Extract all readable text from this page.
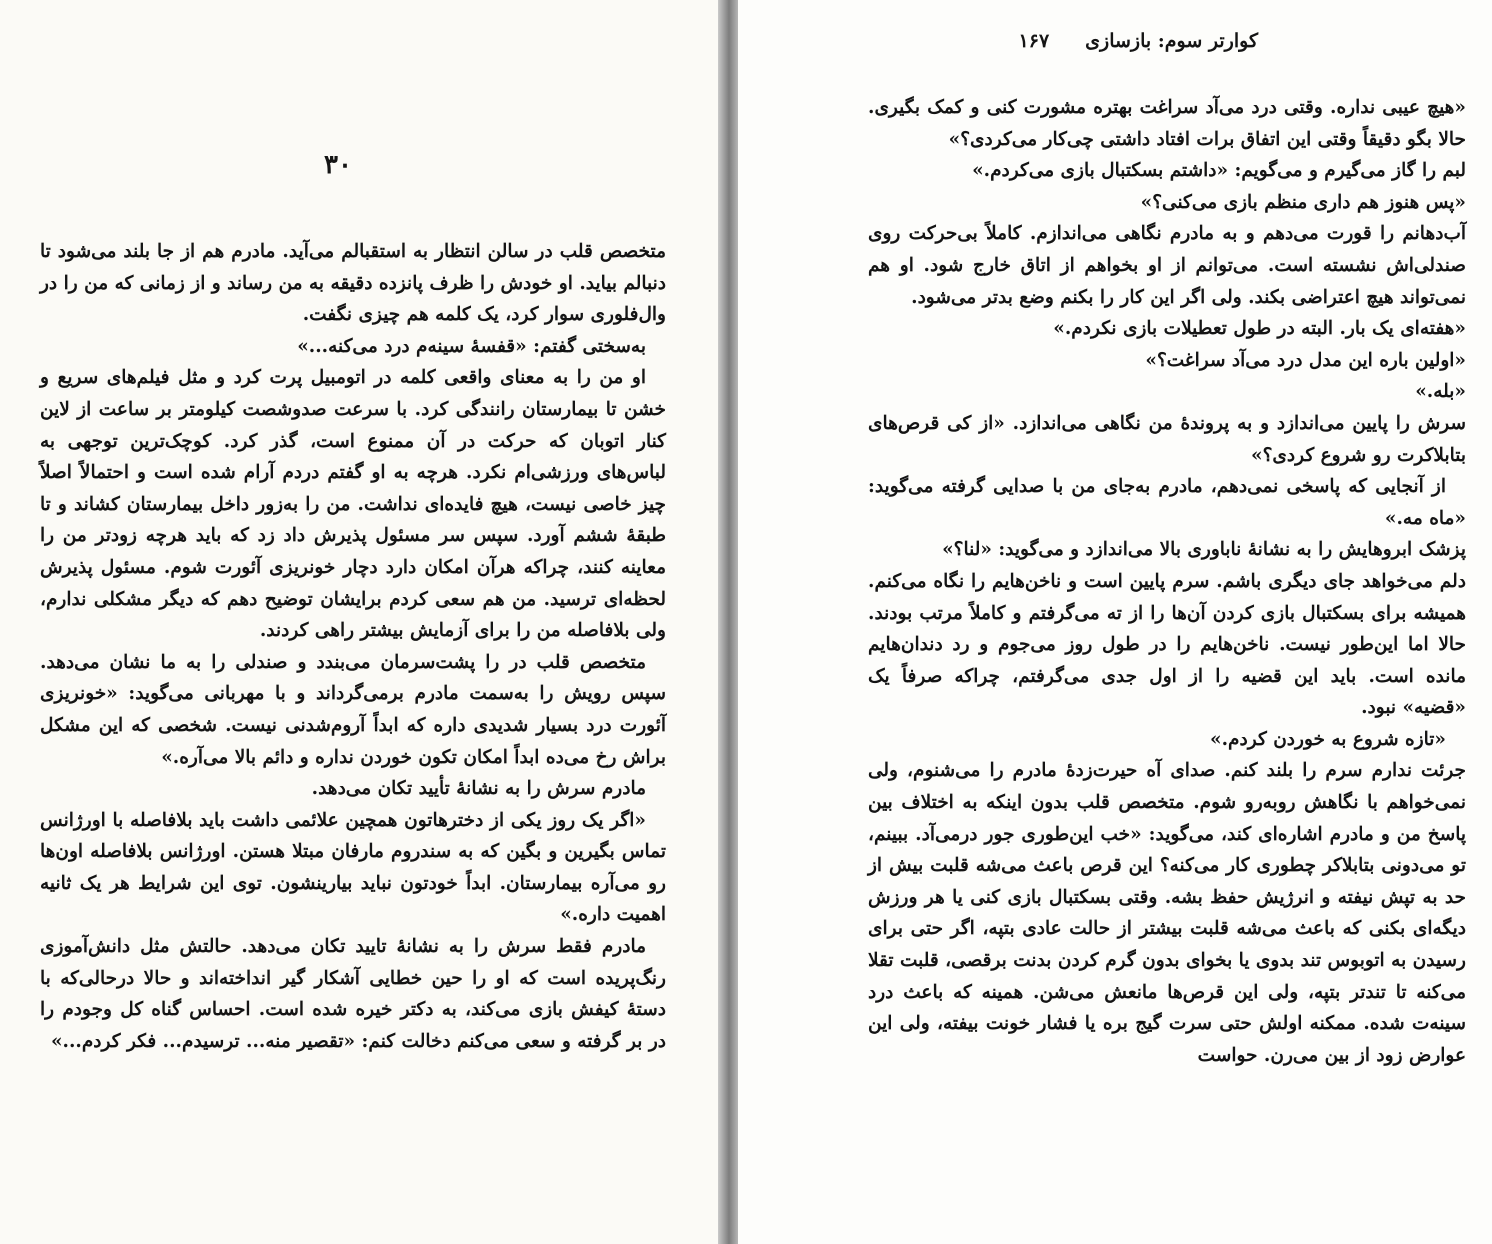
۳۰

متخصص قلب در سالن انتظار به استقبالم می‌آید. مادرم هم از جا بلند می‌شود تا دنبالم بیاید. او خودش را ظرف پانزده دقیقه به من رساند و از زمانی که من را در وال‌فلوری سوار کرد، یک کلمه هم چیزی نگفت.

به‌سختی گفتم: «قفسهٔ سینه‌م درد می‌کنه...»

او من را به معنای واقعی کلمه در اتومبیل پرت کرد و مثل فیلم‌های سریع و خشن تا بیمارستان رانندگی کرد. با سرعت صدوشصت کیلومتر بر ساعت از لاین کنار اتوبان که حرکت در آن ممنوع است، گذر کرد. کوچک‌ترین توجهی به لباس‌های ورزشی‌ام نکرد. هرچه به او گفتم دردم آرام شده است و احتمالاً اصلاً چیز خاصی نیست، هیچ فایده‌ای نداشت. من را به‌زور داخل بیمارستان کشاند و تا طبقهٔ ششم آورد. سپس سر مسئول پذیرش داد زد که باید هرچه زودتر من را معاینه کنند، چراکه هرآن امکان دارد دچار خونریزی آئورت شوم. مسئول پذیرش لحظه‌ای ترسید. من هم سعی کردم برایشان توضیح دهم که دیگر مشکلی ندارم، ولی بلافاصله من را برای آزمایش بیشتر راهی کردند.

متخصص قلب در را پشت‌سرمان می‌بندد و صندلی را به ما نشان می‌دهد. سپس رویش را به‌سمت مادرم برمی‌گرداند و با مهربانی می‌گوید: «خونریزی آئورت درد بسیار شدیدی داره که ابداً آروم‌شدنی نیست. شخصی که این مشکل براش رخ می‌ده ابداً امکان تکون خوردن نداره و دائم بالا می‌آره.»

مادرم سرش را به نشانهٔ تأیید تکان می‌دهد.

«اگر یک روز یکی از دخترهاتون همچین علائمی داشت باید بلافاصله با اورژانس تماس بگیرین و بگین که به سندروم مارفان مبتلا هستن. اورژانس بلافاصله اون‌ها رو می‌آره بیمارستان. ابداً خودتون نباید بیارینشون. توی این شرایط هر یک ثانیه اهمیت داره.»

مادرم فقط سرش را به نشانهٔ تایید تکان می‌دهد. حالتش مثل دانش‌آموزی رنگ‌پریده است که او را حین خطایی آشکار گیر انداخته‌اند و حالا درحالی‌که با دستهٔ کیفش بازی می‌کند، به دکتر خیره شده است. احساس گناه کل وجودم را در بر گرفته و سعی می‌کنم دخالت کنم: «تقصیر منه... ترسیدم... فکر کردم...»

کوارتر سوم: بازسازی
۱۶۷

«هیچ عیبی نداره. وقتی درد می‌آد سراغت بهتره مشورت کنی و کمک بگیری. حالا بگو دقیقاً وقتی این اتفاق برات افتاد داشتی چی‌کار می‌کردی؟»

لبم را گاز می‌گیرم و می‌گویم: «داشتم بسکتبال بازی می‌کردم.»

«پس هنوز هم داری منظم بازی می‌کنی؟»

آب‌دهانم را قورت می‌دهم و به مادرم نگاهی می‌اندازم. کاملاً بی‌حرکت روی صندلی‌اش نشسته است. می‌توانم از او بخواهم از اتاق خارج شود. او هم نمی‌تواند هیچ اعتراضی بکند. ولی اگر این کار را بکنم وضع بدتر می‌شود.

«هفته‌ای یک بار. البته در طول تعطیلات بازی نکردم.»

«اولین باره این مدل درد می‌آد سراغت؟»

«بله.»

سرش را پایین می‌اندازد و به پروندهٔ من نگاهی می‌اندازد. «از کی قرص‌های بتابلاکرت رو شروع کردی؟»

از آنجایی که پاسخی نمی‌دهم، مادرم به‌جای من با صدایی گرفته می‌گوید: «ماه مه.»

پزشک ابروهایش را به نشانهٔ ناباوری بالا می‌اندازد و می‌گوید: «لنا؟»

دلم می‌خواهد جای دیگری باشم. سرم پایین است و ناخن‌هایم را نگاه می‌کنم. همیشه برای بسکتبال بازی کردن آن‌ها را از ته می‌گرفتم و کاملاً مرتب بودند. حالا اما این‌طور نیست. ناخن‌هایم را در طول روز می‌جوم و رد دندان‌هایم مانده است. باید این قضیه را از اول جدی می‌گرفتم، چراکه صرفاً یک «قضیه» نبود.

«تازه شروع به خوردن کردم.»

جرئت ندارم سرم را بلند کنم. صدای آه حیرت‌زدهٔ مادرم را می‌شنوم، ولی نمی‌خواهم با نگاهش روبه‌رو شوم. متخصص قلب بدون اینکه به اختلاف بین پاسخ من و مادرم اشاره‌ای کند، می‌گوید: «خب این‌طوری جور درمی‌آد. ببینم، تو می‌دونی بتابلاکر چطوری کار می‌کنه؟ این قرص باعث می‌شه قلبت بیش از حد به تپش نیفته و انرژیش حفظ بشه. وقتی بسکتبال بازی کنی یا هر ورزش دیگه‌ای بکنی که باعث می‌شه قلبت بیشتر از حالت عادی بتپه، اگر حتی برای رسیدن به اتوبوس تند بدوی یا بخوای بدون گرم کردن بدنت برقصی، قلبت تقلا می‌کنه تا تندتر بتپه، ولی این قرص‌ها مانعش می‌شن. همینه که باعث درد سینه‌ت شده. ممکنه اولش حتی سرت گیج بره یا فشار خونت بیفته، ولی این عوارض زود از بین می‌رن. حواست
